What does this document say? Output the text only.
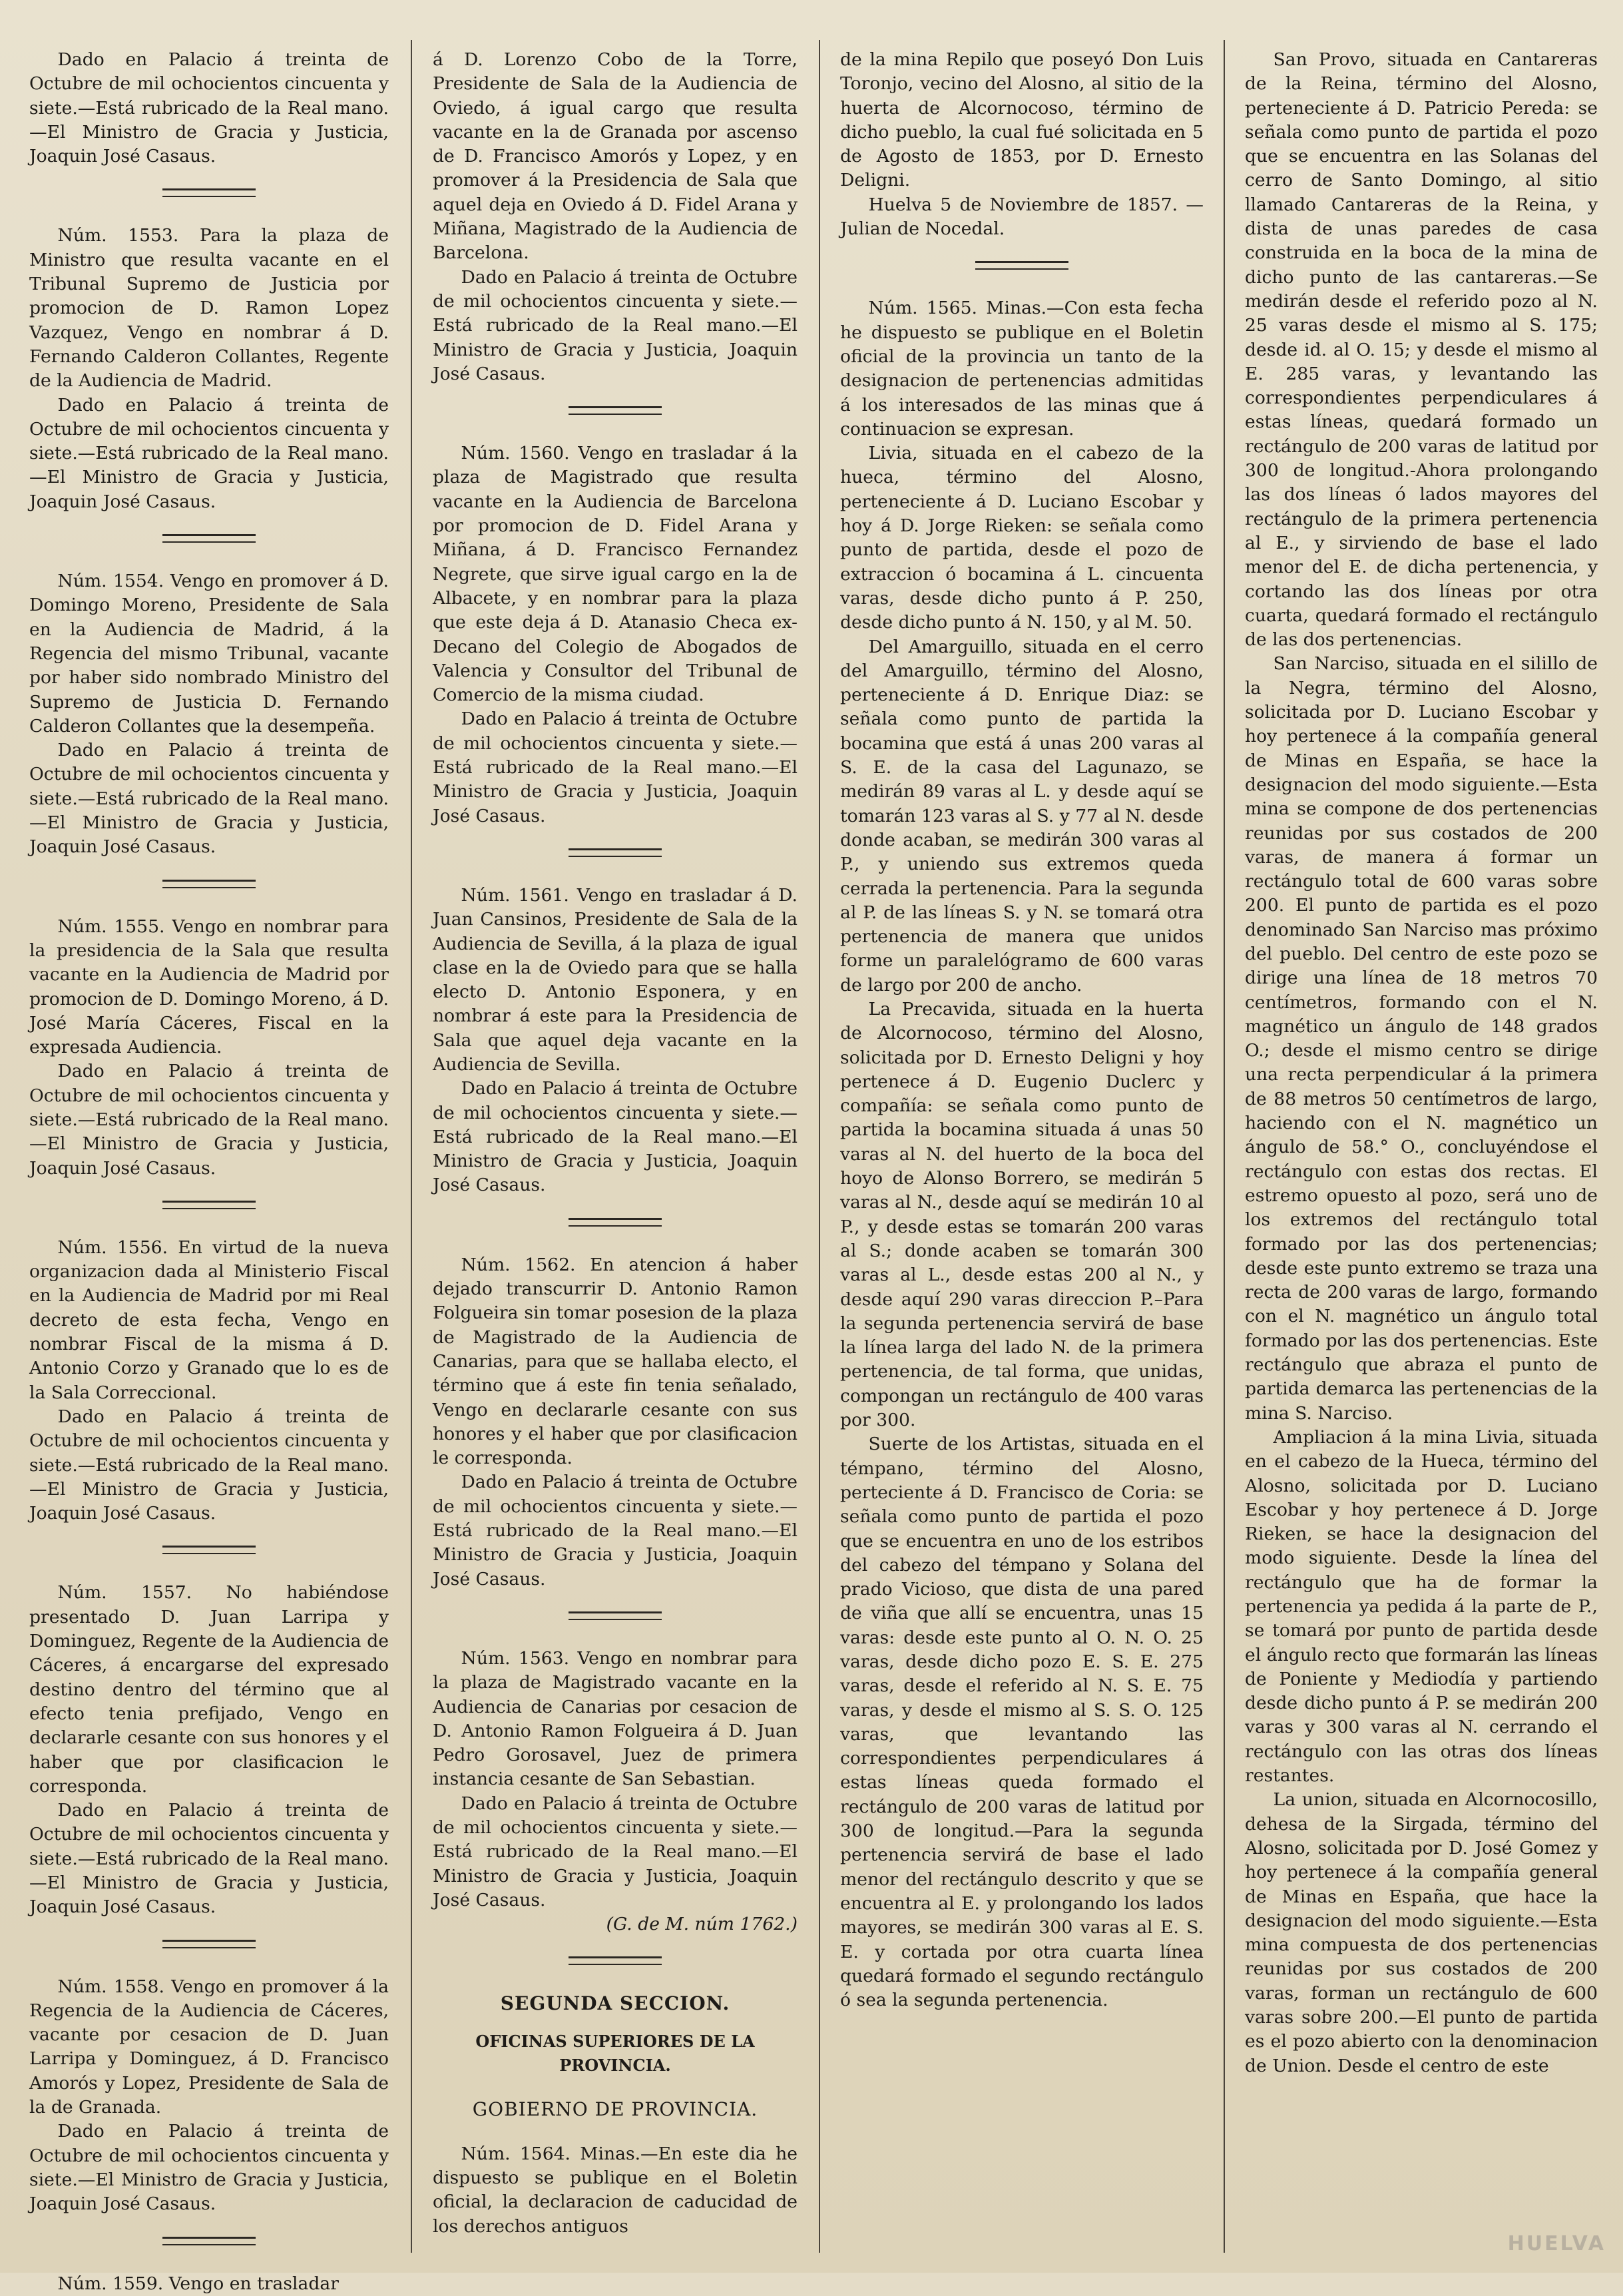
Dado en Palacio á treinta de Octubre de mil ochocientos cincuenta y siete.—Está rubricado de la Real mano.—El Ministro de Gracia y Justicia, Joaquin José Casaus.

Núm. 1553. Para la plaza de Ministro que resulta vacante en el Tribunal Supremo de Justicia por promocion de D. Ramon Lopez Vazquez, Vengo en nombrar á D. Fernando Calderon Collantes, Regente de la Audiencia de Madrid.

Dado en Palacio á treinta de Octubre de mil ochocientos cincuenta y siete.—Está rubricado de la Real mano.—El Ministro de Gracia y Justicia, Joaquin José Casaus.

Núm. 1554. Vengo en promover á D. Domingo Moreno, Presidente de Sala en la Audiencia de Madrid, á la Regencia del mismo Tribunal, vacante por haber sido nombrado Ministro del Supremo de Justicia D. Fernando Calderon Collantes que la desempeña.

Dado en Palacio á treinta de Octubre de mil ochocientos cincuenta y siete.—Está rubricado de la Real mano.—El Ministro de Gracia y Justicia, Joaquin José Casaus.

Núm. 1555. Vengo en nombrar para la presidencia de la Sala que resulta vacante en la Audiencia de Madrid por promocion de D. Domingo Moreno, á D. José María Cáceres, Fiscal en la expresada Audiencia.

Dado en Palacio á treinta de Octubre de mil ochocientos cincuenta y siete.—Está rubricado de la Real mano.—El Ministro de Gracia y Justicia, Joaquin José Casaus.

Núm. 1556. En virtud de la nueva organizacion dada al Ministerio Fiscal en la Audiencia de Madrid por mi Real decreto de esta fecha, Vengo en nombrar Fiscal de la misma á D. Antonio Corzo y Granado que lo es de la Sala Correccional.

Dado en Palacio á treinta de Octubre de mil ochocientos cincuenta y siete.—Está rubricado de la Real mano.—El Ministro de Gracia y Justicia, Joaquin José Casaus.

Núm. 1557. No habiéndose presentado D. Juan Larripa y Dominguez, Regente de la Audiencia de Cáceres, á encargarse del expresado destino dentro del término que al efecto tenia prefijado, Vengo en declararle cesante con sus honores y el haber que por clasificacion le corresponda.

Dado en Palacio á treinta de Octubre de mil ochocientos cincuenta y siete.—Está rubricado de la Real mano.—El Ministro de Gracia y Justicia, Joaquin José Casaus.

Núm. 1558. Vengo en promover á la Regencia de la Audiencia de Cáceres, vacante por cesacion de D. Juan Larripa y Dominguez, á D. Francisco Amorós y Lopez, Presidente de Sala de la de Granada.

Dado en Palacio á treinta de Octubre de mil ochocientos cincuenta y siete.—El Ministro de Gracia y Justicia, Joaquin José Casaus.

Núm. 1559. Vengo en trasladar

á D. Lorenzo Cobo de la Torre, Presidente de Sala de la Audiencia de Oviedo, á igual cargo que resulta vacante en la de Granada por ascenso de D. Francisco Amorós y Lopez, y en promover á la Presidencia de Sala que aquel deja en Oviedo á D. Fidel Arana y Miñana, Magistrado de la Audiencia de Barcelona.

Dado en Palacio á treinta de Octubre de mil ochocientos cincuenta y siete.—Está rubricado de la Real mano.—El Ministro de Gracia y Justicia, Joaquin José Casaus.

Núm. 1560. Vengo en trasladar á la plaza de Magistrado que resulta vacante en la Audiencia de Barcelona por promocion de D. Fidel Arana y Miñana, á D. Francisco Fernandez Negrete, que sirve igual cargo en la de Albacete, y en nombrar para la plaza que este deja á D. Atanasio Checa ex-Decano del Colegio de Abogados de Valencia y Consultor del Tribunal de Comercio de la misma ciudad.

Dado en Palacio á treinta de Octubre de mil ochocientos cincuenta y siete.—Está rubricado de la Real mano.—El Ministro de Gracia y Justicia, Joaquin José Casaus.

Núm. 1561. Vengo en trasladar á D. Juan Cansinos, Presidente de Sala de la Audiencia de Sevilla, á la plaza de igual clase en la de Oviedo para que se halla electo D. Antonio Esponera, y en nombrar á este para la Presidencia de Sala que aquel deja vacante en la Audiencia de Sevilla.

Dado en Palacio á treinta de Octubre de mil ochocientos cincuenta y siete.—Está rubricado de la Real mano.—El Ministro de Gracia y Justicia, Joaquin José Casaus.

Núm. 1562. En atencion á haber dejado transcurrir D. Antonio Ramon Folgueira sin tomar posesion de la plaza de Magistrado de la Audiencia de Canarias, para que se hallaba electo, el término que á este fin tenia señalado, Vengo en declararle cesante con sus honores y el haber que por clasificacion le corresponda.

Dado en Palacio á treinta de Octubre de mil ochocientos cincuenta y siete.—Está rubricado de la Real mano.—El Ministro de Gracia y Justicia, Joaquin José Casaus.

Núm. 1563. Vengo en nombrar para la plaza de Magistrado vacante en la Audiencia de Canarias por cesacion de D. Antonio Ramon Folgueira á D. Juan Pedro Gorosavel, Juez de primera instancia cesante de San Sebastian.

Dado en Palacio á treinta de Octubre de mil ochocientos cincuenta y siete.—Está rubricado de la Real mano.—El Ministro de Gracia y Justicia, Joaquin José Casaus.

(G. de M. núm 1762.)

SEGUNDA SECCION.

OFICINAS SUPERIORES DE LA PROVINCIA.

GOBIERNO DE PROVINCIA.

Núm. 1564. Minas.—En este dia he dispuesto se publique en el Boletin oficial, la declaracion de caducidad de los derechos antiguos

de la mina Repilo que poseyó Don Luis Toronjo, vecino del Alosno, al sitio de la huerta de Alcornocoso, término de dicho pueblo, la cual fué solicitada en 5 de Agosto de 1853, por D. Ernesto Deligni.

Huelva 5 de Noviembre de 1857. —Julian de Nocedal.

Núm. 1565. Minas.—Con esta fecha he dispuesto se publique en el Boletin oficial de la provincia un tanto de la designacion de pertenencias admitidas á los interesados de las minas que á continuacion se expresan.

Livia, situada en el cabezo de la hueca, término del Alosno, perteneciente á D. Luciano Escobar y hoy á D. Jorge Rieken: se señala como punto de partida, desde el pozo de extraccion ó bocamina á L. cincuenta varas, desde dicho punto á P. 250, desde dicho punto á N. 150, y al M. 50.

Del Amarguillo, situada en el cerro del Amarguillo, término del Alosno, perteneciente á D. Enrique Diaz: se señala como punto de partida la bocamina que está á unas 200 varas al S. E. de la casa del Lagunazo, se medirán 89 varas al L. y desde aquí se tomarán 123 varas al S. y 77 al N. desde donde acaban, se medirán 300 varas al P., y uniendo sus extremos queda cerrada la pertenencia. Para la segunda al P. de las líneas S. y N. se tomará otra pertenencia de manera que unidos forme un paralelógramo de 600 varas de largo por 200 de ancho.

La Precavida, situada en la huerta de Alcornocoso, término del Alosno, solicitada por D. Ernesto Deligni y hoy pertenece á D. Eugenio Duclerc y compañía: se señala como punto de partida la bocamina situada á unas 50 varas al N. del huerto de la boca del hoyo de Alonso Borrero, se medirán 5 varas al N., desde aquí se medirán 10 al P., y desde estas se tomarán 200 varas al S.; donde acaben se tomarán 300 varas al L., desde estas 200 al N., y desde aquí 290 varas direccion P.–Para la segunda pertenencia servirá de base la línea larga del lado N. de la primera pertenencia, de tal forma, que unidas, compongan un rectángulo de 400 varas por 300.

Suerte de los Artistas, situada en el témpano, término del Alosno, perteciente á D. Francisco de Coria: se señala como punto de partida el pozo que se encuentra en uno de los estribos del cabezo del témpano y Solana del prado Vicioso, que dista de una pared de viña que allí se encuentra, unas 15 varas: desde este punto al O. N. O. 25 varas, desde dicho pozo E. S. E. 275 varas, desde el referido al N. S. E. 75 varas, y desde el mismo al S. S. O. 125 varas, que levantando las correspondientes perpendiculares á estas líneas queda formado el rectángulo de 200 varas de latitud por 300 de longitud.—Para la segunda pertenencia servirá de base el lado menor del rectángulo descrito y que se encuentra al E. y prolongando los lados mayores, se medirán 300 varas al E. S. E. y cortada por otra cuarta línea quedará formado el segundo rectángulo ó sea la segunda pertenencia.

San Provo, situada en Cantareras de la Reina, término del Alosno, perteneciente á D. Patricio Pereda: se señala como punto de partida el pozo que se encuentra en las Solanas del cerro de Santo Domingo, al sitio llamado Cantareras de la Reina, y dista de unas paredes de casa construida en la boca de la mina de dicho punto de las cantareras.—Se medirán desde el referido pozo al N. 25 varas desde el mismo al S. 175; desde id. al O. 15; y desde el mismo al E. 285 varas, y levantando las correspondientes perpendiculares á estas líneas, quedará formado un rectángulo de 200 varas de latitud por 300 de longitud.-Ahora prolongando las dos líneas ó lados mayores del rectángulo de la primera pertenencia al E., y sirviendo de base el lado menor del E. de dicha pertenencia, y cortando las dos líneas por otra cuarta, quedará formado el rectángulo de las dos pertenencias.

San Narciso, situada en el silillo de la Negra, término del Alosno, solicitada por D. Luciano Escobar y hoy pertenece á la compañía general de Minas en España, se hace la designacion del modo siguiente.—Esta mina se compone de dos pertenencias reunidas por sus costados de 200 varas, de manera á formar un rectángulo total de 600 varas sobre 200. El punto de partida es el pozo denominado San Narciso mas próximo del pueblo. Del centro de este pozo se dirige una línea de 18 metros 70 centímetros, formando con el N. magnético un ángulo de 148 grados O.; desde el mismo centro se dirige una recta perpendicular á la primera de 88 metros 50 centímetros de largo, haciendo con el N. magnético un ángulo de 58.° O., concluyéndose el rectángulo con estas dos rectas. El estremo opuesto al pozo, será uno de los extremos del rectángulo total formado por las dos pertenencias; desde este punto extremo se traza una recta de 200 varas de largo, formando con el N. magnético un ángulo total formado por las dos pertenencias. Este rectángulo que abraza el punto de partida demarca las pertenencias de la mina S. Narciso.

Ampliacion á la mina Livia, situada en el cabezo de la Hueca, término del Alosno, solicitada por D. Luciano Escobar y hoy pertenece á D. Jorge Rieken, se hace la designacion del modo siguiente. Desde la línea del rectángulo que ha de formar la pertenencia ya pedida á la parte de P., se tomará por punto de partida desde el ángulo recto que formarán las líneas de Poniente y Mediodía y partiendo desde dicho punto á P. se medirán 200 varas y 300 varas al N. cerrando el rectángulo con las otras dos líneas restantes.

La union, situada en Alcornocosillo, dehesa de la Sirgada, término del Alosno, solicitada por D. José Gomez y hoy pertenece á la compañía general de Minas en España, que hace la designacion del modo siguiente.—Esta mina compuesta de dos pertenencias reunidas por sus costados de 200 varas, forman un rectángulo de 600 varas sobre 200.—El punto de partida es el pozo abierto con la denominacion de Union. Desde el centro de este

HUELVA
